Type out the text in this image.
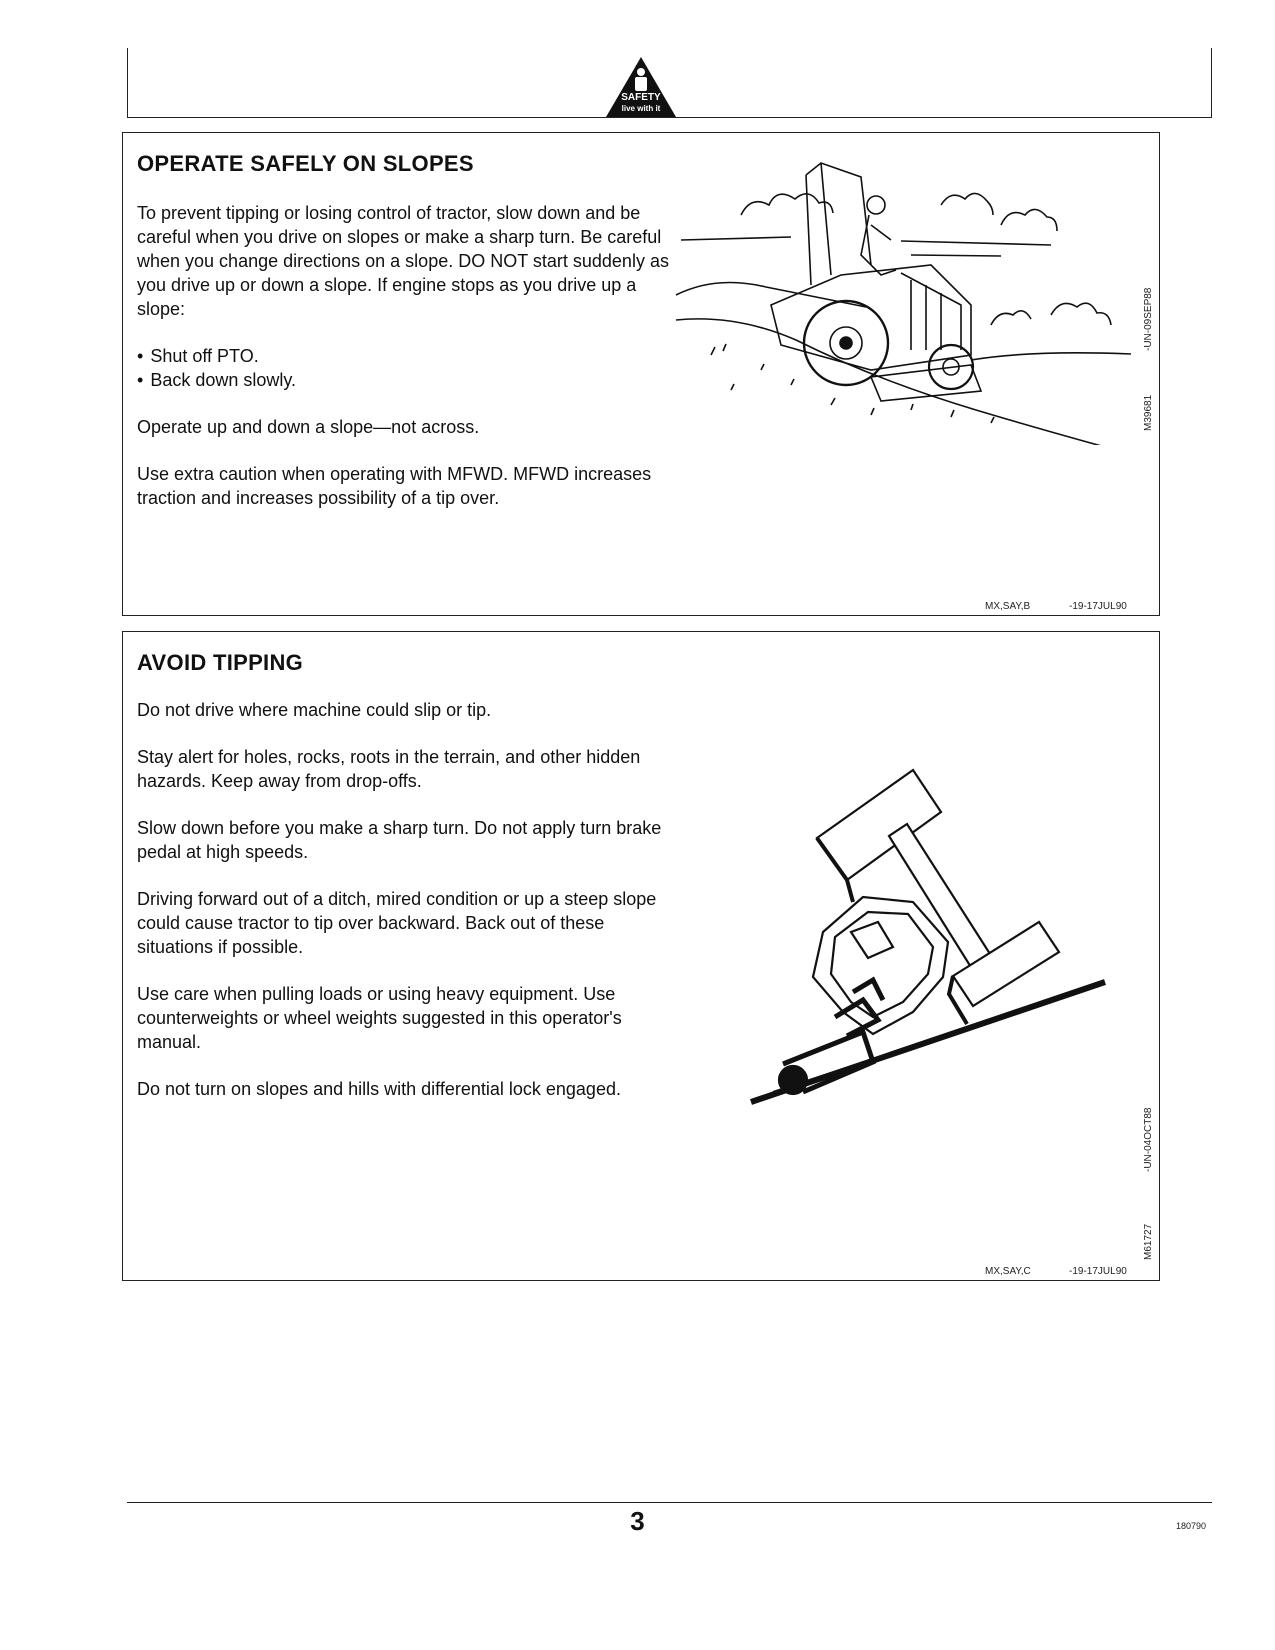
SAFETY
live with it
OPERATE SAFELY ON SLOPES

To prevent tipping or losing control of tractor, slow down and be careful when you drive on slopes or make a sharp turn. Be careful when you change directions on a slope. DO NOT start suddenly as you drive up or down a slope. If engine stops as you drive up a slope:

• Shut off PTO.
• Back down slowly.

Operate up and down a slope—not across.

Use extra caution when operating with MFWD. MFWD increases traction and increases possibility of a tip over.

M39681
-UN-09SEP88
MX,SAY,B	-19-17JUL90
AVOID TIPPING

Do not drive where machine could slip or tip.

Stay alert for holes, rocks, roots in the terrain, and other hidden hazards. Keep away from drop-offs.

Slow down before you make a sharp turn. Do not apply turn brake pedal at high speeds.

Driving forward out of a ditch, mired condition or up a steep slope could cause tractor to tip over backward. Back out of these situations if possible.

Use care when pulling loads or using heavy equipment. Use counterweights or wheel weights suggested in this operator's manual.

Do not turn on slopes and hills with differential lock engaged.

M61727
-UN-04OCT88
MX,SAY,C	-19-17JUL90
3	180790
